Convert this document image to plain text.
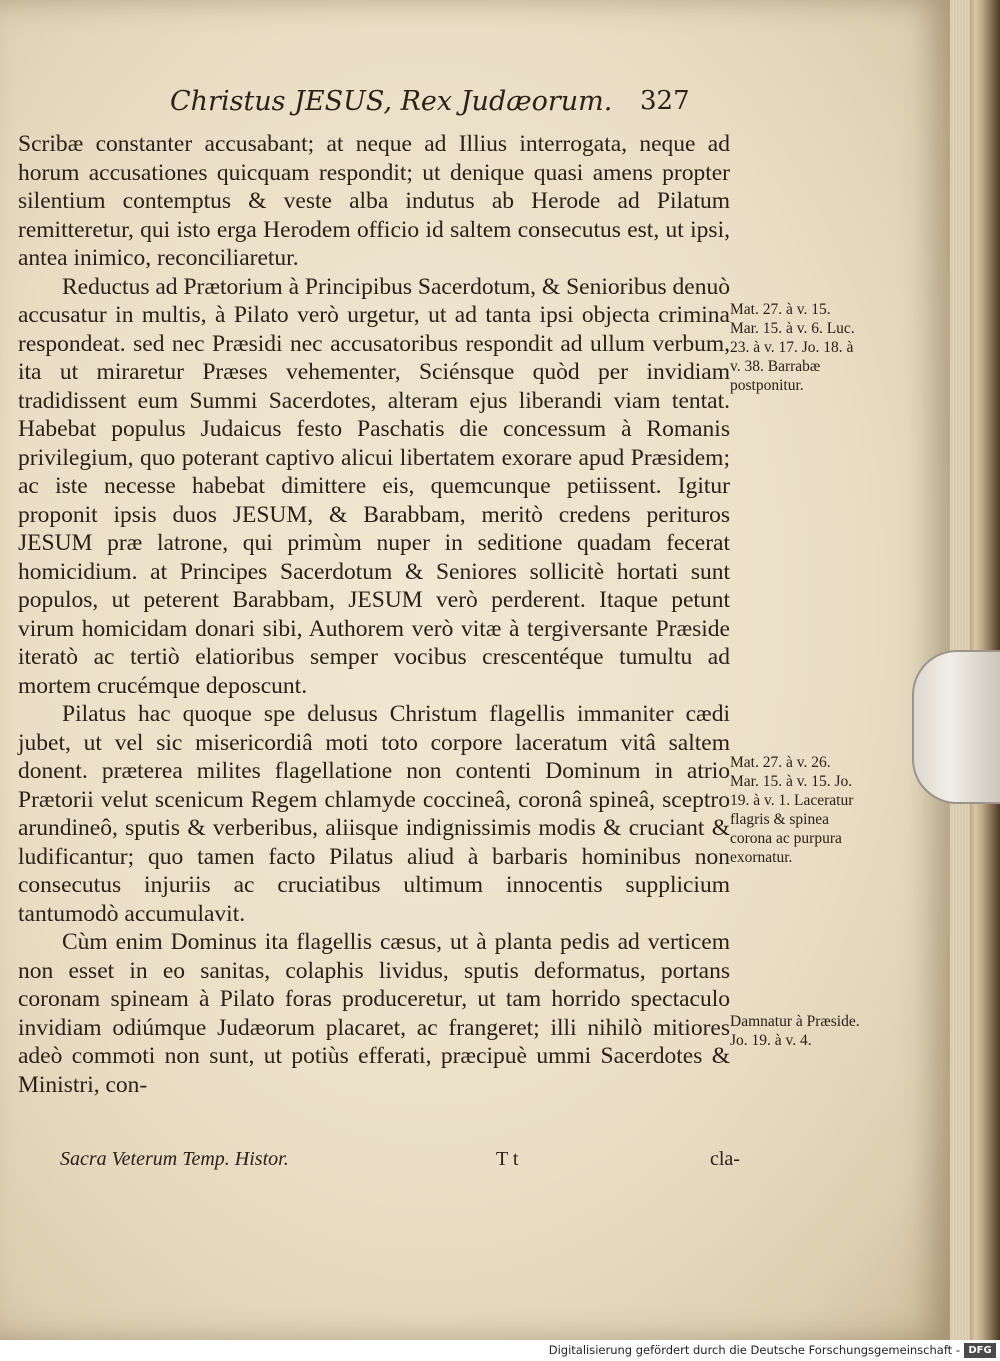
Christus JESUS, Rex Judæorum. 327

Scribæ constanter accusabant; at neque ad Illius interrogata, neque ad horum accusationes quicquam respondit; ut denique quasi amens propter silentium contemptus & veste alba indutus ab Herode ad Pilatum remitteretur, qui isto erga Herodem officio id saltem consecutus est, ut ipsi, antea inimico, reconciliaretur.

Reductus ad Prætorium à Principibus Sacerdotum, & Senioribus denuò accusatur in multis, à Pilato verò urgetur, ut ad tanta ipsi objecta crimina respondeat. sed nec Præsidi nec accusatoribus respondit ad ullum verbum, ita ut miraretur Præses vehementer, Sciénsque quòd per invidiam tradidissent eum Summi Sacerdotes, alteram ejus liberandi viam tentat. Habebat populus Judaicus festo Paschatis die concessum à Romanis privilegium, quo poterant captivo alicui libertatem exorare apud Præsidem; ac iste necesse habebat dimittere eis, quemcunque petiissent. Igitur proponit ipsis duos JESUM, & Barabbam, meritò credens perituros JESUM præ latrone, qui primùm nuper in seditione quadam fecerat homicidium. at Principes Sacerdotum & Seniores sollicitè hortati sunt populos, ut peterent Barabbam, JESUM verò perderent. Itaque petunt virum homicidam donari sibi, Authorem verò vitæ à tergiversante Præside iteratò ac tertiò elatioribus semper vocibus crescentéque tumultu ad mortem crucémque deposcunt.

Pilatus hac quoque spe delusus Christum flagellis immaniter cædi jubet, ut vel sic misericordiâ moti toto corpore laceratum vitâ saltem donent. præterea milites flagellatione non contenti Dominum in atrio Prætorii velut scenicum Regem chlamyde coccineâ, coronâ spineâ, sceptro arundineô, sputis & verberibus, aliisque indignissimis modis & cruciant & ludificantur; quo tamen facto Pilatus aliud à barbaris hominibus non consecutus injuriis ac cruciatibus ultimum innocentis supplicium tantumodò accumulavit.

Cùm enim Dominus ita flagellis cæsus, ut à planta pedis ad verticem non esset in eo sanitas, colaphis lividus, sputis deformatus, portans coronam spineam à Pilato foras produceretur, ut tam horrido spectaculo invidiam odiúmque Judæorum placaret, ac frangeret; illi nihilò mitiores adeò commoti non sunt, ut potiùs efferati, præcipuè ummi Sacerdotes & Ministri, con-

Mat. 27. à v. 15. Mar. 15. à v. 6. Luc. 23. à v. 17. Jo. 18. à v. 38. Barrabæ postponitur.
Mat. 27. à v. 26. Mar. 15. à v. 15. Jo. 19. à v. 1. Laceratur flagris & spinea corona ac purpura exornatur.
Damnatur à Præside. Jo. 19. à v. 4.
Sacra Veterum Temp. Histor.	T t	cla-
Digitalisierung gefördert durch die Deutsche Forschungsgemeinschaft - DFG
